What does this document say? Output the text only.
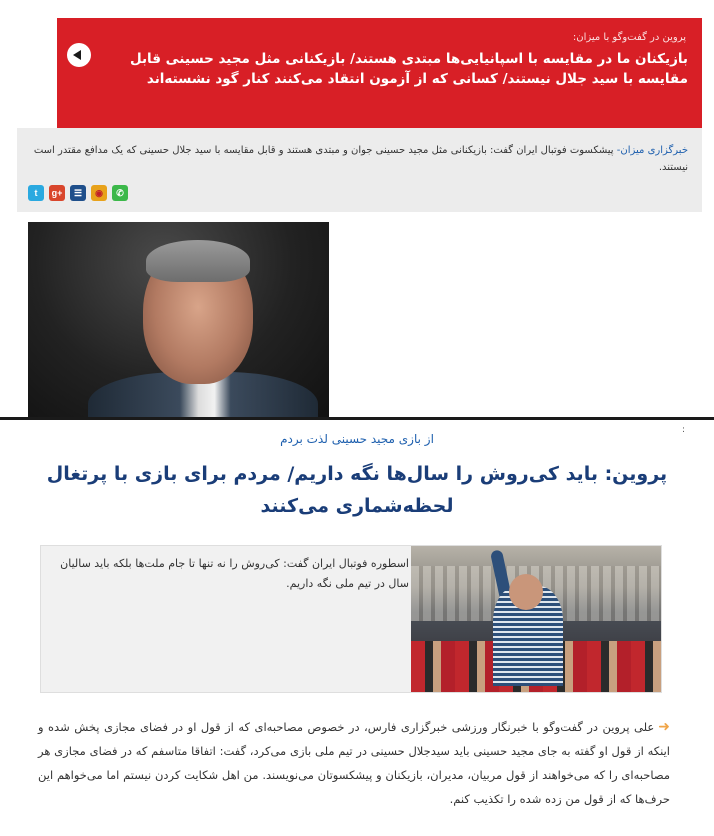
پروین در گفت‌وگو با میزان:
بازیکنان ما در مقایسه با اسپانیایی‌ها مبتدی هستند/ بازیکنانی مثل مجید حسینی قابل مقایسه با سید جلال نیستند/ کسانی که از آزمون انتقاد می‌کنند کنار گود نشسته‌اند
خبرگزاری میزان- پیشکسوت فوتبال ایران گفت: بازیکنانی مثل مجید حسینی جوان و مبتدی هستند و قابل مقایسه با سید جلال حسینی که یک مدافع مقتدر است نیستند.
t	g+	☰	◉	✆
:
از بازی مجید حسینی لذت بردم
پروین: باید کی‌روش را سال‌ها نگه داریم/ مردم برای بازی با پرتغال لحظه‌شماری می‌کنند
اسطوره فوتبال ایران گفت: کی‌روش را نه تنها تا جام ملت‌ها بلکه باید سالیان سال در تیم ملی نگه داریم.
➜علی پروین در گفت‌وگو با خبرنگار ورزشی خبرگزاری فارس، در خصوص مصاحبه‌ای که از قول او در فضای مجازی پخش شده و اینکه از قول او گفته به جای مجید حسینی باید سیدجلال حسینی در تیم ملی بازی می‌کرد، گفت: اتفاقا متاسفم که در فضای مجازی هر مصاحبه‌ای را که می‌خواهند از قول مربیان، مدیران، بازیکنان و پیشکسوتان می‌نویسند. من اهل شکایت کردن نیستم اما می‌خواهم این حرف‌ها که از قول من زده شده را تکذیب کنم.
